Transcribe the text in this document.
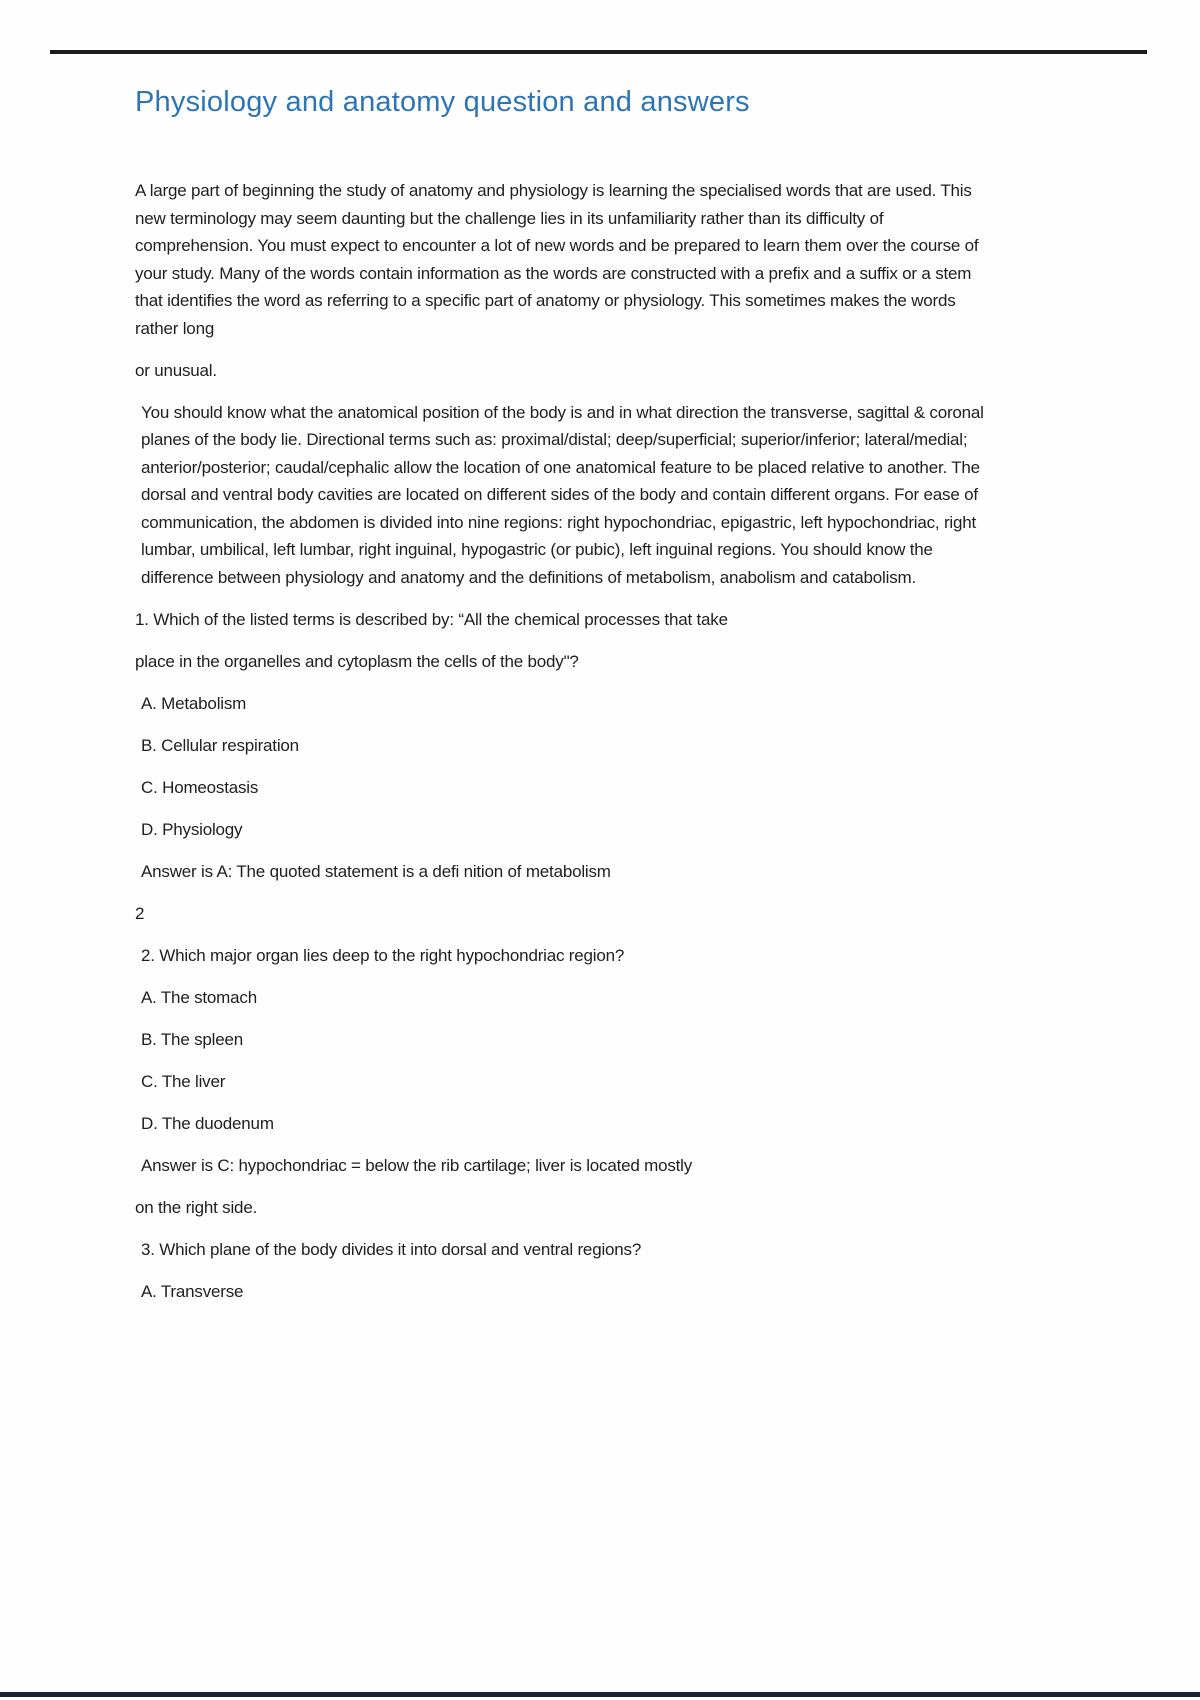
Physiology and anatomy question and answers

A large part of beginning the study of anatomy and physiology is learning the specialised words that are used. This new terminology may seem daunting but the challenge lies in its unfamiliarity rather than its difficulty of comprehension. You must expect to encounter a lot of new words and be prepared to learn them over the course of your study. Many of the words contain information as the words are constructed with a prefix and a suffix or a stem that identifies the word as referring to a specific part of anatomy or physiology. This sometimes makes the words rather long

or unusual.

You should know what the anatomical position of the body is and in what direction the transverse, sagittal & coronal planes of the body lie. Directional terms such as: proximal/distal; deep/superficial; superior/inferior; lateral/medial; anterior/posterior; caudal/cephalic allow the location of one anatomical feature to be placed relative to another. The dorsal and ventral body cavities are located on different sides of the body and contain different organs. For ease of communication, the abdomen is divided into nine regions: right hypochondriac, epigastric, left hypochondriac, right lumbar, umbilical, left lumbar, right inguinal, hypogastric (or pubic), left inguinal regions. You should know the difference between physiology and anatomy and the definitions of metabolism, anabolism and catabolism.

1. Which of the listed terms is described by: “All the chemical processes that take

place in the organelles and cytoplasm the cells of the body"?

A. Metabolism

B. Cellular respiration

C. Homeostasis

D. Physiology

Answer is A: The quoted statement is a defi nition of metabolism

2

2. Which major organ lies deep to the right hypochondriac region?

A. The stomach

B. The spleen

C. The liver

D. The duodenum

Answer is C: hypochondriac = below the rib cartilage; liver is located mostly

on the right side.

3. Which plane of the body divides it into dorsal and ventral regions?

A. Transverse
